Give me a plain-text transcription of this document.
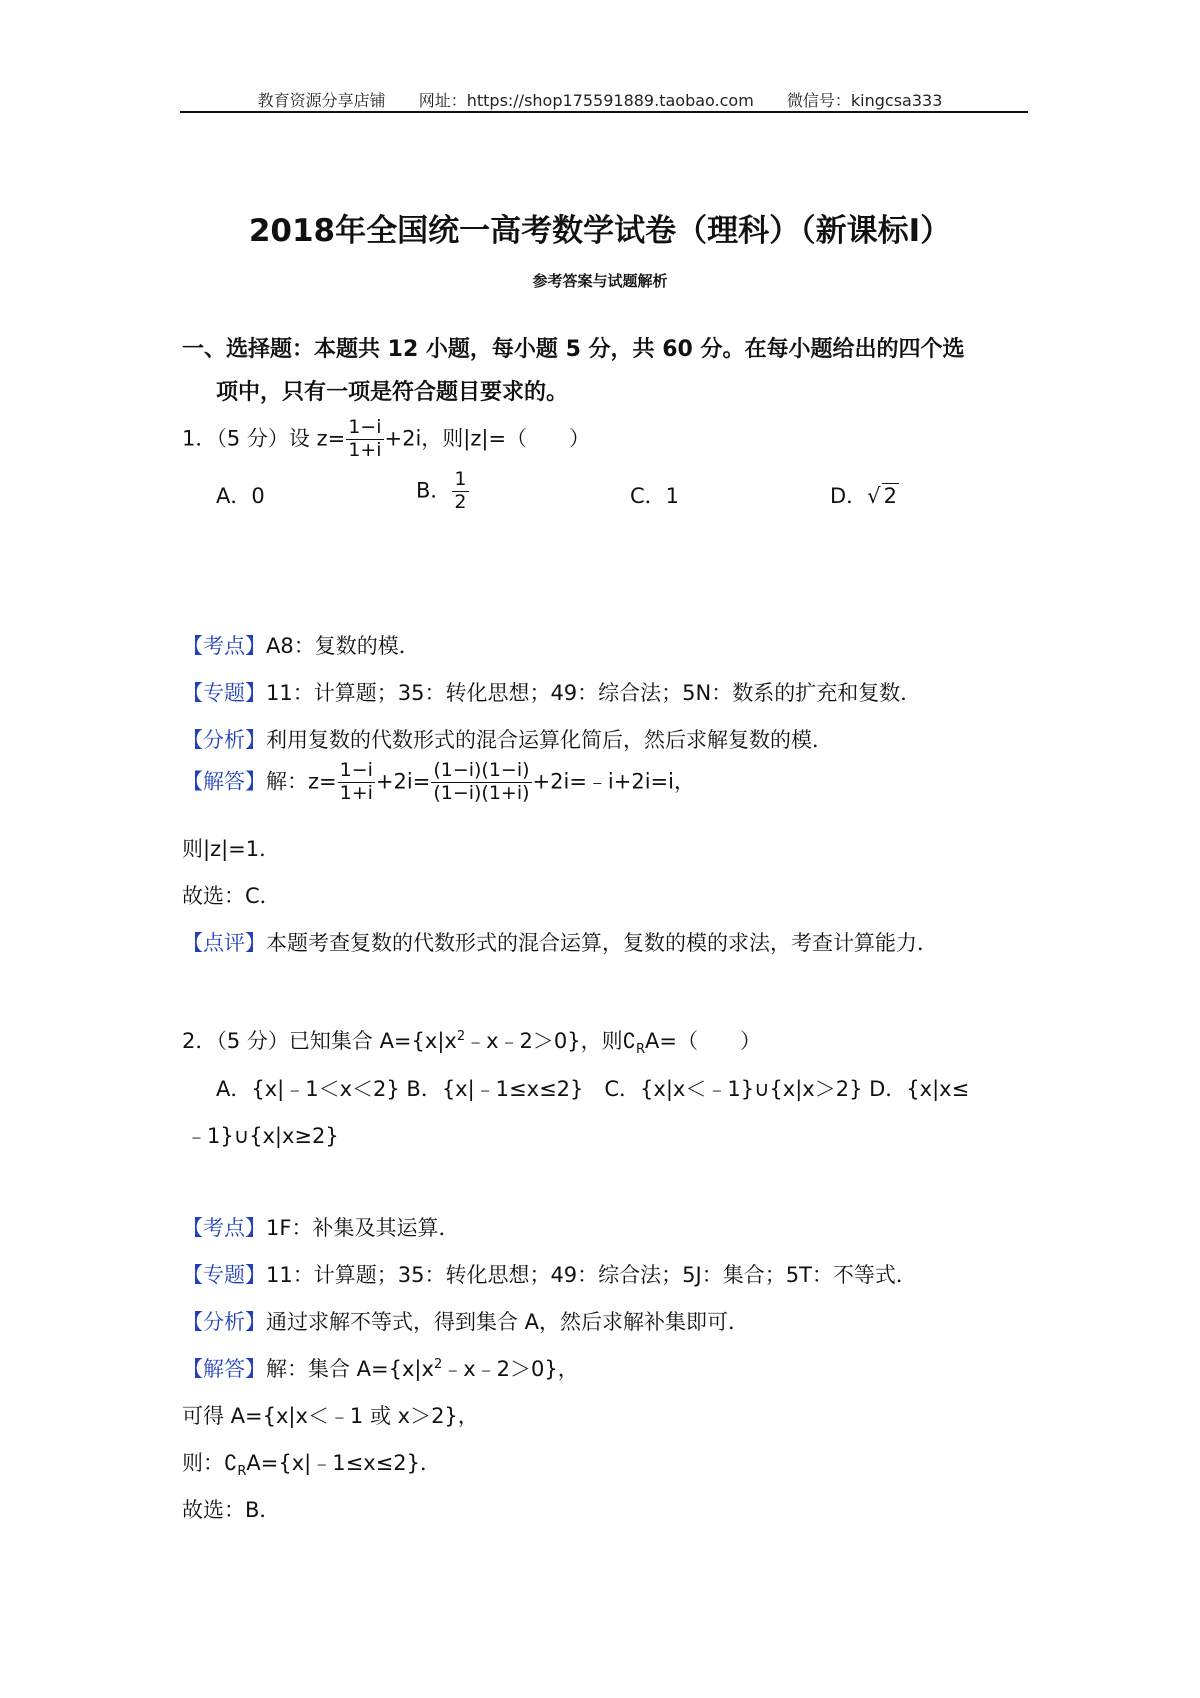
教育资源分享店铺 网址：https://shop175591889.taobao.com 微信号：kingcsa333
2018年全国统一高考数学试卷（理科）（新课标Ⅰ）
参考答案与试题解析
一、选择题：本题共 12 小题，每小题 5 分，共 60 分。在每小题给出的四个选
项中，只有一项是符合题目要求的。
1．（5 分）设 $z= \frac{1-i}{1+i} +2i$，则|z|=（　　）
A．0	B． $\frac{1}{2}$	C．1	D．√ 2
【考点】A8：复数的模．
【专题】11：计算题；35：转化思想；49：综合法；5N：数系的扩充和复数．
【分析】利用复数的代数形式的混合运算化简后，然后求解复数的模．
【解答】解：$z= \frac{1-i}{1+i} +2i= \frac{(1-i)(1-i)}{(1-i)(1+i)}$ +2i=﹣i+2i=i，
则|z|=1．
故选：C．
【点评】本题考查复数的代数形式的混合运算，复数的模的求法，考查计算能力．
2．（5 分）已知集合 $A=\{x|x^2﹣x﹣2>0\}$，则$∁_RA=$（　　）
A．{x|﹣1＜x＜2} B．{x|﹣1≤x≤2}　C．{x|x＜﹣1}∪{x|x＞2} D．{x|x≤
﹣1}∪{x|x≥2}
【考点】1F：补集及其运算．
【专题】11：计算题；35：转化思想；49：综合法；5J：集合；5T：不等式．
【分析】通过求解不等式，得到集合 A，然后求解补集即可．
【解答】解：集合 $A=\{x|x^2﹣x﹣2>0\}$，
可得 A={x|x＜﹣1 或 x＞2}，
则：$∁_RA=\{x|﹣1\le x\le 2\}$．
故选：B．
